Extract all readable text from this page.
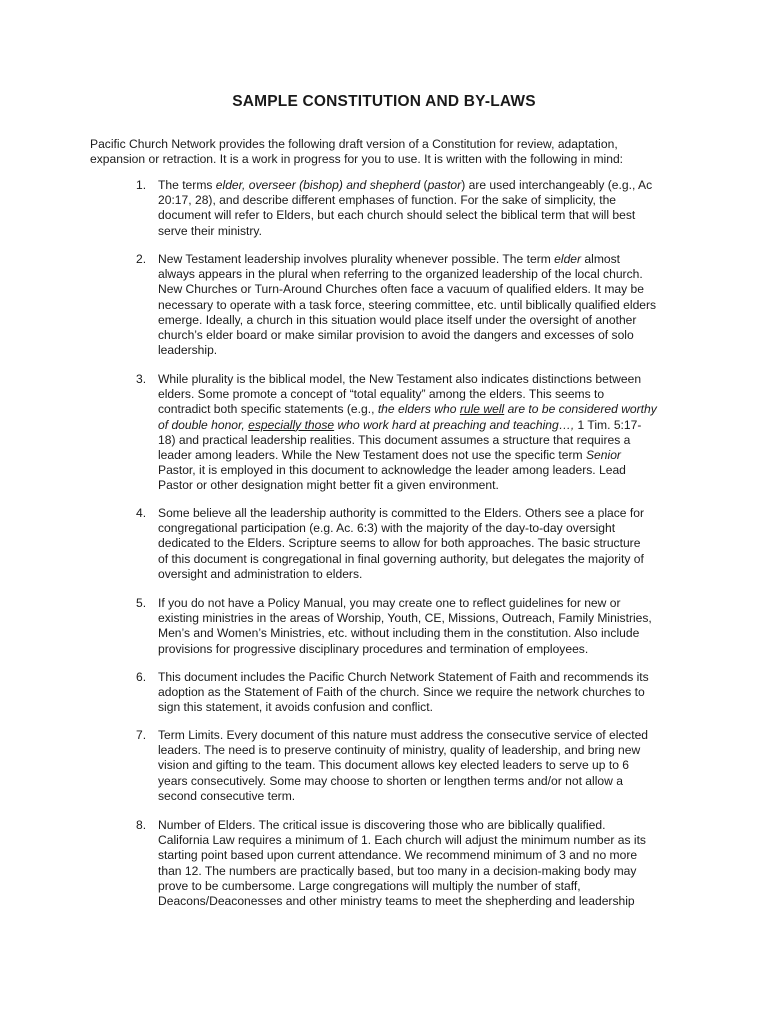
SAMPLE CONSTITUTION AND BY-LAWS

Pacific Church Network provides the following draft version of a Constitution for review, adaptation,
expansion or retraction. It is a work in progress for you to use. It is written with the following in mind:

1. The terms elder, overseer (bishop) and shepherd (pastor) are used interchangeably (e.g., Ac
20:17, 28), and describe different emphases of function. For the sake of simplicity, the
document will refer to Elders, but each church should select the biblical term that will best
serve their ministry.
2. New Testament leadership involves plurality whenever possible. The term elder almost
always appears in the plural when referring to the organized leadership of the local church.
New Churches or Turn-Around Churches often face a vacuum of qualified elders. It may be
necessary to operate with a task force, steering committee, etc. until biblically qualified elders
emerge. Ideally, a church in this situation would place itself under the oversight of another
church’s elder board or make similar provision to avoid the dangers and excesses of solo
leadership.
3. While plurality is the biblical model, the New Testament also indicates distinctions between
elders. Some promote a concept of “total equality” among the elders. This seems to
contradict both specific statements (e.g., the elders who rule well are to be considered worthy
of double honor, especially those who work hard at preaching and teaching…, 1 Tim. 5:17-
18) and practical leadership realities. This document assumes a structure that requires a
leader among leaders. While the New Testament does not use the specific term Senior
Pastor, it is employed in this document to acknowledge the leader among leaders. Lead
Pastor or other designation might better fit a given environment.
4. Some believe all the leadership authority is committed to the Elders. Others see a place for
congregational participation (e.g. Ac. 6:3) with the majority of the day-to-day oversight
dedicated to the Elders. Scripture seems to allow for both approaches. The basic structure
of this document is congregational in final governing authority, but delegates the majority of
oversight and administration to elders.
5. If you do not have a Policy Manual, you may create one to reflect guidelines for new or
existing ministries in the areas of Worship, Youth, CE, Missions, Outreach, Family Ministries,
Men’s and Women’s Ministries, etc. without including them in the constitution. Also include
provisions for progressive disciplinary procedures and termination of employees.
6. This document includes the Pacific Church Network Statement of Faith and recommends its
adoption as the Statement of Faith of the church. Since we require the network churches to
sign this statement, it avoids confusion and conflict.
7. Term Limits. Every document of this nature must address the consecutive service of elected
leaders. The need is to preserve continuity of ministry, quality of leadership, and bring new
vision and gifting to the team. This document allows key elected leaders to serve up to 6
years consecutively. Some may choose to shorten or lengthen terms and/or not allow a
second consecutive term.
8. Number of Elders. The critical issue is discovering those who are biblically qualified.
California Law requires a minimum of 1. Each church will adjust the minimum number as its
starting point based upon current attendance. We recommend minimum of 3 and no more
than 12. The numbers are practically based, but too many in a decision-making body may
prove to be cumbersome. Large congregations will multiply the number of staff,
Deacons/Deaconesses and other ministry teams to meet the shepherding and leadership
